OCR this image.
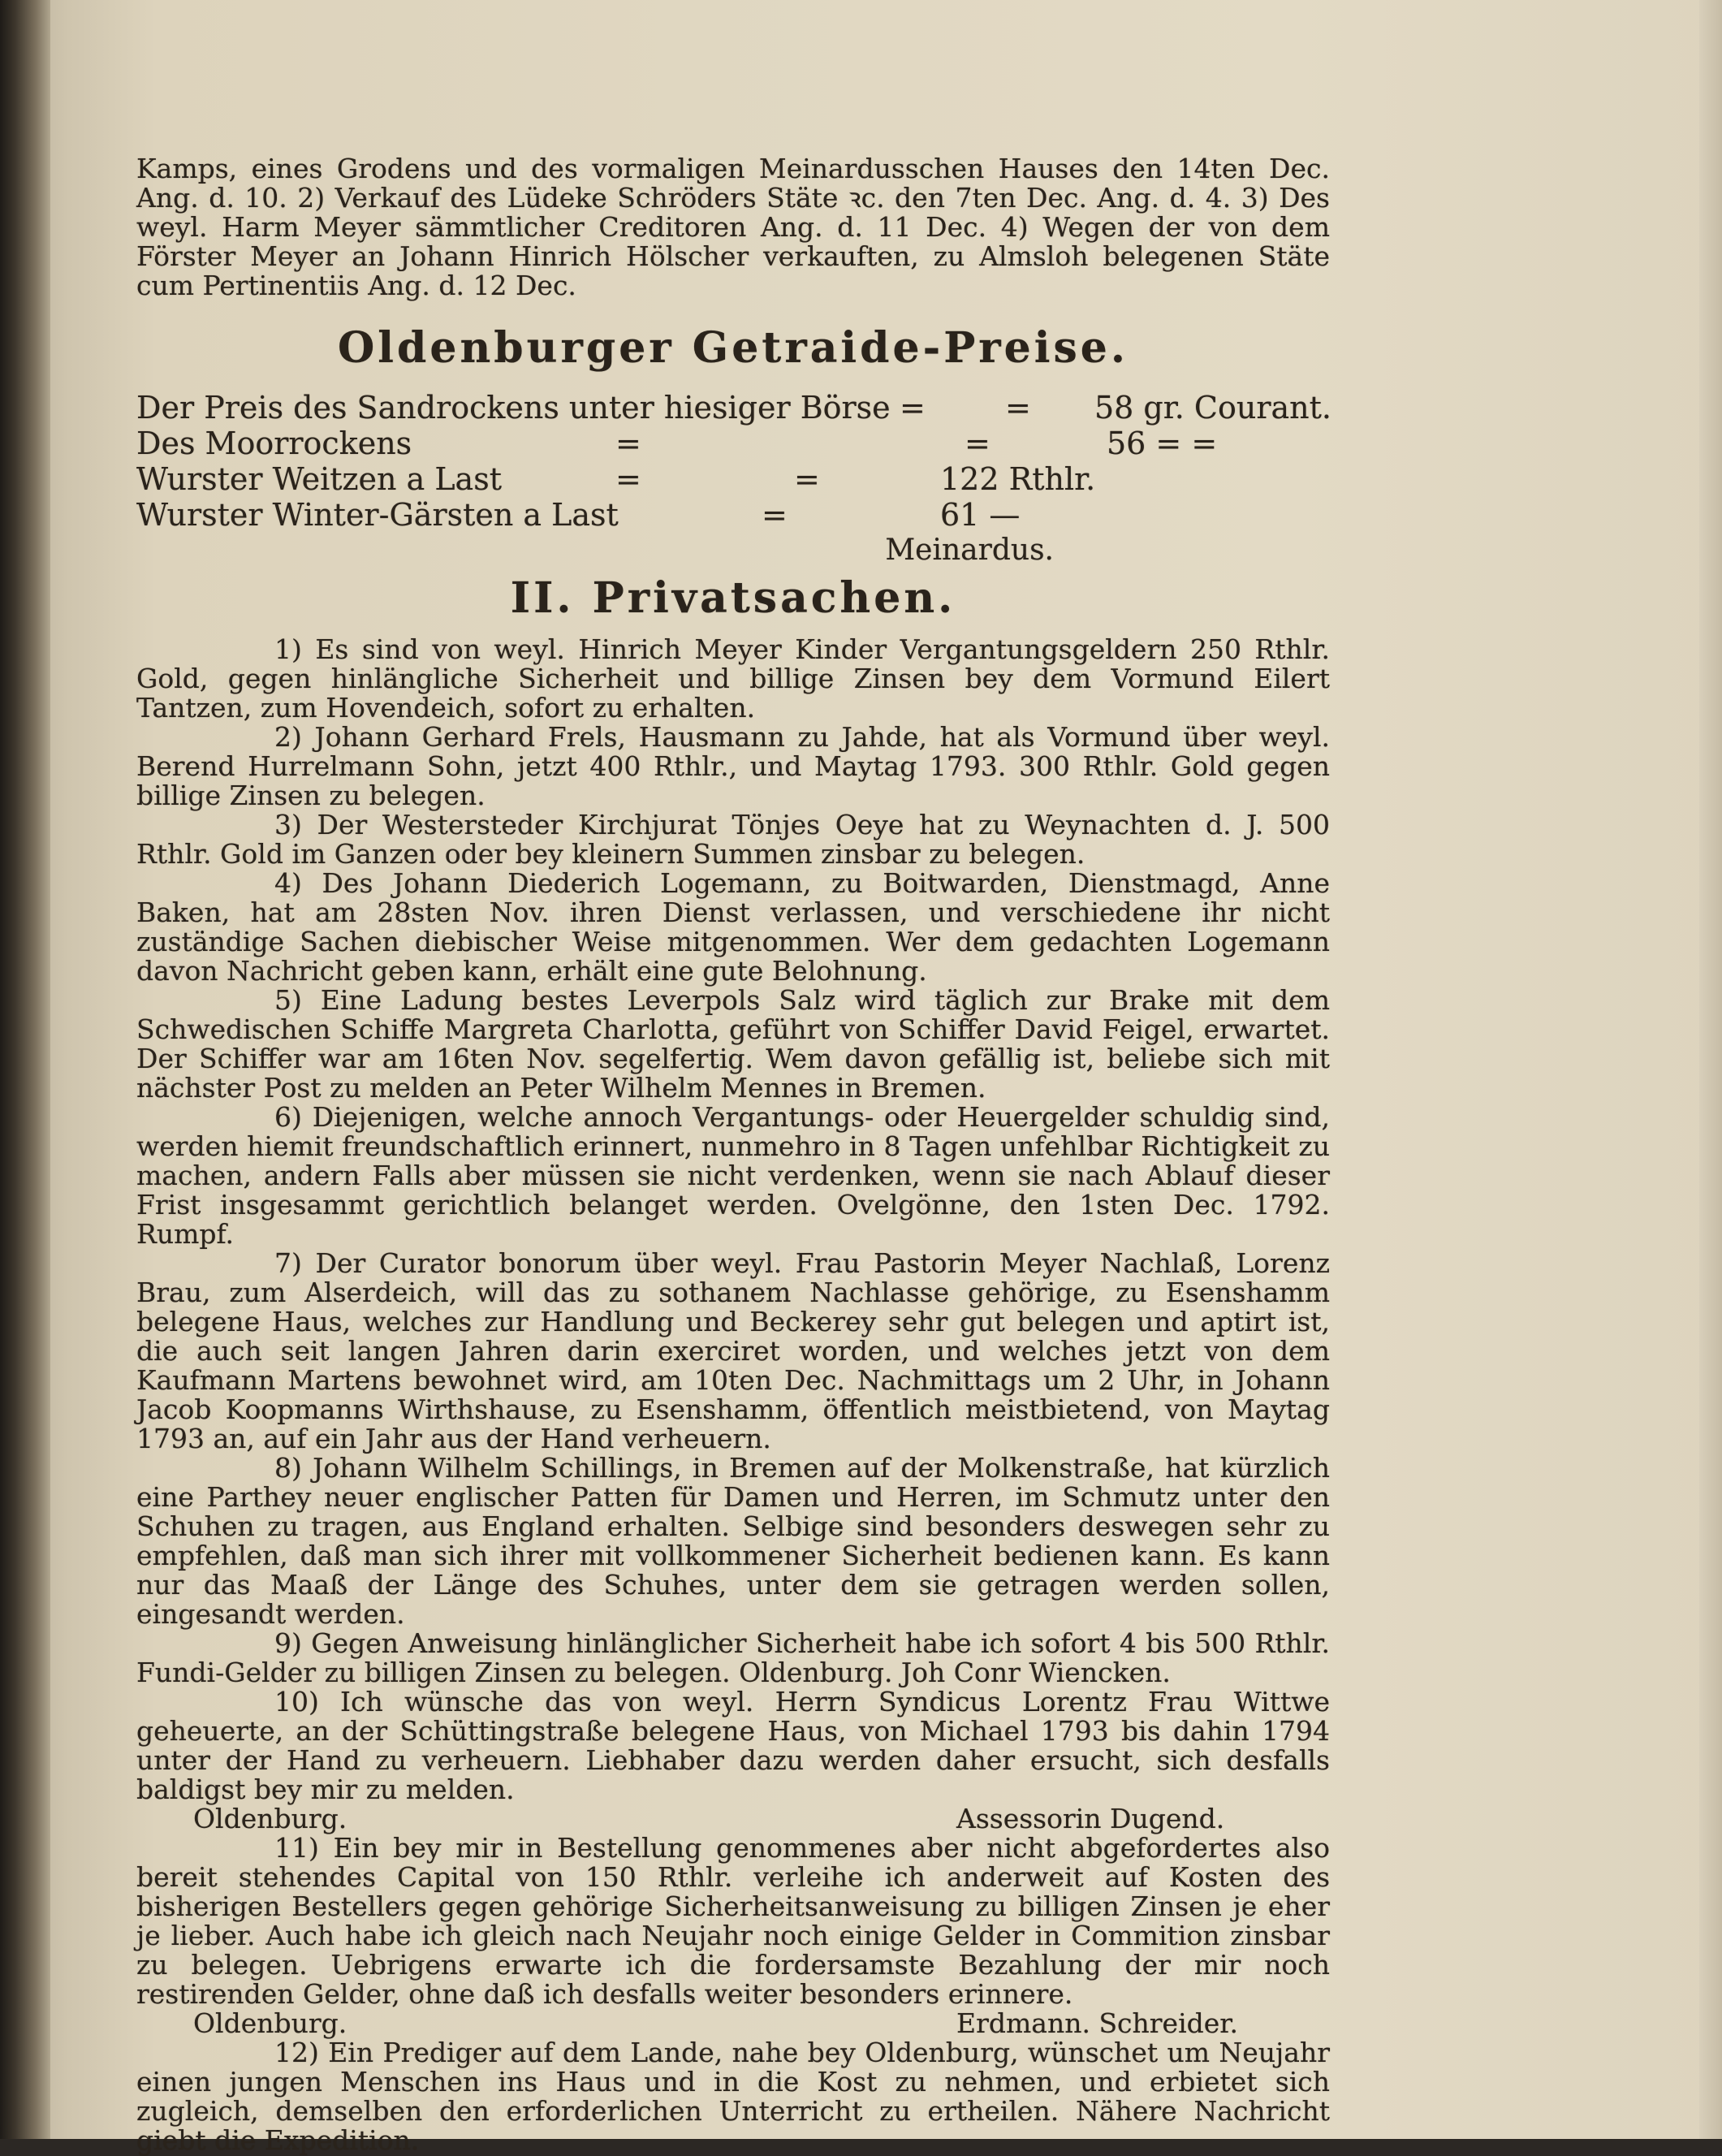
Kamps, eines Grodens und des vormaligen Meinardusschen Hauses den 14ten Dec. Ang. d. 10. 2) Verkauf des Lüdeke Schröders Stäte ꝛc. den 7ten Dec. Ang. d. 4. 3) Des weyl. Harm Meyer sämmtlicher Creditoren Ang. d. 11 Dec. 4) Wegen der von dem Förster Meyer an Johann Hinrich Hölscher verkauften, zu Almsloh belegenen Stäte cum Pertinentiis Ang. d. 12 Dec.

Oldenburger Getraide-Preise.
Der Preis des Sandrockens unter hiesiger Börse =	= 58 gr. Courant.
Des Moorrockens	=	=	56 = =
Wurster Weitzen a Last	=	=	122 Rthlr.
Wurster Winter-Gärsten a Last	=	61 —
Meinardus.
II. Privatsachen.

1) Es sind von weyl. Hinrich Meyer Kinder Vergantungsgeldern 250 Rthlr. Gold, gegen hinlängliche Sicherheit und billige Zinsen bey dem Vormund Eilert Tantzen, zum Hovendeich, sofort zu erhalten.

2) Johann Gerhard Frels, Hausmann zu Jahde, hat als Vormund über weyl. Berend Hurrelmann Sohn, jetzt 400 Rthlr., und Maytag 1793. 300 Rthlr. Gold gegen billige Zinsen zu belegen.

3) Der Westersteder Kirchjurat Tönjes Oeye hat zu Weynachten d. J. 500 Rthlr. Gold im Ganzen oder bey kleinern Summen zinsbar zu belegen.

4) Des Johann Diederich Logemann, zu Boitwarden, Dienstmagd, Anne Baken, hat am 28sten Nov. ihren Dienst verlassen, und verschiedene ihr nicht zuständige Sachen diebischer Weise mitgenommen. Wer dem gedachten Logemann davon Nachricht geben kann, erhält eine gute Belohnung.

5) Eine Ladung bestes Leverpols Salz wird täglich zur Brake mit dem Schwedischen Schiffe Margreta Charlotta, geführt von Schiffer David Feigel, erwartet. Der Schiffer war am 16ten Nov. segelfertig. Wem davon gefällig ist, beliebe sich mit nächster Post zu melden an Peter Wilhelm Mennes in Bremen.

6) Diejenigen, welche annoch Vergantungs- oder Heuergelder schuldig sind, werden hiemit freundschaftlich erinnert, nunmehro in 8 Tagen unfehlbar Richtigkeit zu machen, andern Falls aber müssen sie nicht verdenken, wenn sie nach Ablauf dieser Frist insgesammt gerichtlich belanget werden. Ovelgönne, den 1sten Dec. 1792. Rumpf.

7) Der Curator bonorum über weyl. Frau Pastorin Meyer Nachlaß, Lorenz Brau, zum Alserdeich, will das zu sothanem Nachlasse gehörige, zu Esenshamm belegene Haus, welches zur Handlung und Beckerey sehr gut belegen und aptirt ist, die auch seit langen Jahren darin exerciret worden, und welches jetzt von dem Kaufmann Martens bewohnet wird, am 10ten Dec. Nachmittags um 2 Uhr, in Johann Jacob Koopmanns Wirthshause, zu Esenshamm, öffentlich meistbietend, von Maytag 1793 an, auf ein Jahr aus der Hand verheuern.

8) Johann Wilhelm Schillings, in Bremen auf der Molkenstraße, hat kürzlich eine Parthey neuer englischer Patten für Damen und Herren, im Schmutz unter den Schuhen zu tragen, aus England erhalten. Selbige sind besonders deswegen sehr zu empfehlen, daß man sich ihrer mit vollkommener Sicherheit bedienen kann. Es kann nur das Maaß der Länge des Schuhes, unter dem sie getragen werden sollen, eingesandt werden.

9) Gegen Anweisung hinlänglicher Sicherheit habe ich sofort 4 bis 500 Rthlr. Fundi-Gelder zu billigen Zinsen zu belegen. Oldenburg. Joh Conr Wiencken.

10) Ich wünsche das von weyl. Herrn Syndicus Lorentz Frau Wittwe geheuerte, an der Schüttingstraße belegene Haus, von Michael 1793 bis dahin 1794 unter der Hand zu verheuern. Liebhaber dazu werden daher ersucht, sich desfalls baldigst bey mir zu melden.

Oldenburg.	Assessorin Dugend.

11) Ein bey mir in Bestellung genommenes aber nicht abgefordertes also bereit stehendes Capital von 150 Rthlr. verleihe ich anderweit auf Kosten des bisherigen Bestellers gegen gehörige Sicherheitsanweisung zu billigen Zinsen je eher je lieber. Auch habe ich gleich nach Neujahr noch einige Gelder in Commition zinsbar zu belegen. Uebrigens erwarte ich die fordersamste Bezahlung der mir noch restirenden Gelder, ohne daß ich desfalls weiter besonders erinnere.

Oldenburg.	Erdmann. Schreider.

12) Ein Prediger auf dem Lande, nahe bey Oldenburg, wünschet um Neujahr einen jungen Menschen ins Haus und in die Kost zu nehmen, und erbietet sich zugleich, demselben den erforderlichen Unterricht zu ertheilen. Nähere Nachricht giebt die Expedition.
